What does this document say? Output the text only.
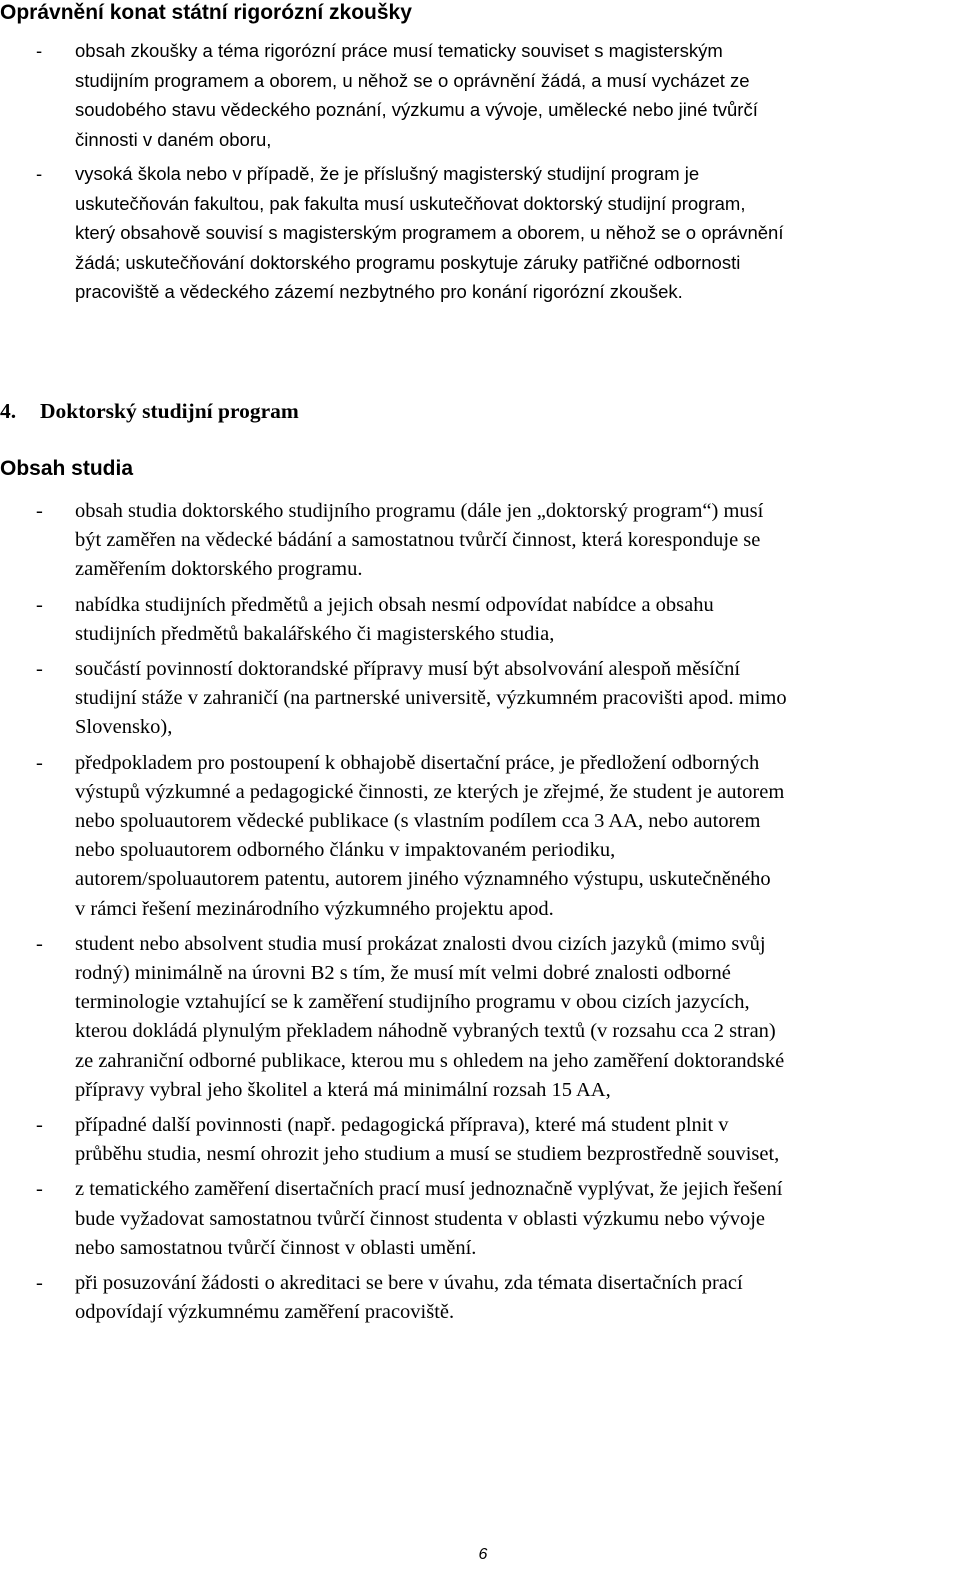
Oprávnění konat státní rigorózní zkoušky
- obsah zkoušky a téma rigorózní práce musí tematicky souviset s magisterským
studijním programem a oborem, u něhož se o oprávnění žádá, a musí vycházet ze
soudobého stavu vědeckého poznání, výzkumu a vývoje, umělecké nebo jiné tvůrčí
činnosti v daném oboru,
- vysoká škola nebo v případě, že je příslušný magisterský studijní program je
uskutečňován fakultou, pak fakulta musí uskutečňovat doktorský studijní program,
který obsahově souvisí s magisterským programem a oborem, u něhož se o oprávnění
žádá; uskutečňování doktorského programu poskytuje záruky patřičné odbornosti
pracoviště a vědeckého zázemí nezbytného pro konání rigorózní zkoušek.
4. Doktorský studijní program
Obsah studia
- obsah studia doktorského studijního programu (dále jen „doktorský program“) musí
být zaměřen na vědecké bádání a samostatnou tvůrčí činnost, která koresponduje se
zaměřením doktorského programu.
- nabídka studijních předmětů a jejich obsah nesmí odpovídat nabídce a obsahu
studijních předmětů bakalářského či magisterského studia,
- součástí povinností doktorandské přípravy musí být absolvování alespoň měsíční
studijní stáže v zahraničí (na partnerské universitě, výzkumném pracovišti apod. mimo
Slovensko),
- předpokladem pro postoupení k obhajobě disertační práce, je předložení odborných
výstupů výzkumné a pedagogické činnosti, ze kterých je zřejmé, že student je autorem
nebo spoluautorem vědecké publikace (s vlastním podílem cca 3 AA, nebo autorem
nebo spoluautorem odborného článku v impaktovaném periodiku,
autorem/spoluautorem patentu, autorem jiného významného výstupu, uskutečněného
v rámci řešení mezinárodního výzkumného projektu apod.
- student nebo absolvent studia musí prokázat znalosti dvou cizích jazyků (mimo svůj
rodný) minimálně na úrovni B2 s tím, že musí mít velmi dobré znalosti odborné
terminologie vztahující se k zaměření studijního programu v obou cizích jazycích,
kterou dokládá plynulým překladem náhodně vybraných textů (v rozsahu cca 2 stran)
ze zahraniční odborné publikace, kterou mu s ohledem na jeho zaměření doktorandské
přípravy vybral jeho školitel a která má minimální rozsah 15 AA,
- případné další povinnosti (např. pedagogická příprava), které má student plnit v
průběhu studia, nesmí ohrozit jeho studium a musí se studiem bezprostředně souviset,
- z tematického zaměření disertačních prací musí jednoznačně vyplývat, že jejich řešení
bude vyžadovat samostatnou tvůrčí činnost studenta v oblasti výzkumu nebo vývoje
nebo samostatnou tvůrčí činnost v oblasti umění.
- při posuzování žádosti o akreditaci se bere v úvahu, zda témata disertačních prací
odpovídají výzkumnému zaměření pracoviště.
6
